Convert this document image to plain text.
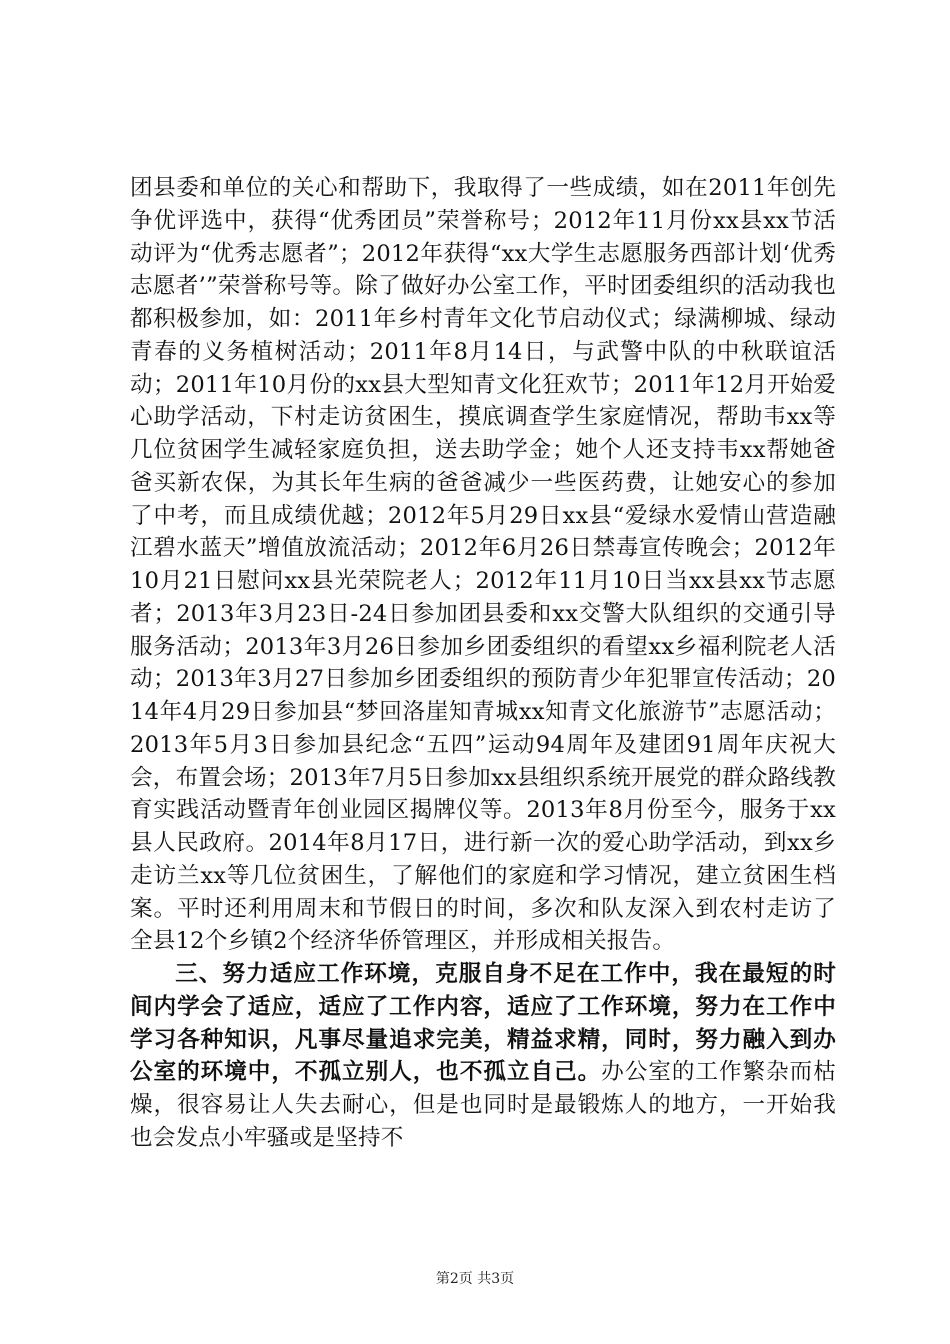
团县委和单位的关心和帮助下，我取得了一些成绩，如在2011年创先争优评选中，获得“优秀团员”荣誉称号；2012年11月份xx县xx节活动评为“优秀志愿者”；2012年获得“xx大学生志愿服务西部计划‘优秀志愿者’”荣誉称号等。除了做好办公室工作，平时团委组织的活动我也都积极参加，如：2011年乡村青年文化节启动仪式；绿满柳城、绿动青春的义务植树活动；2011年8月14日，与武警中队的中秋联谊活动；2011年10月份的xx县大型知青文化狂欢节；2011年12月开始爱心助学活动，下村走访贫困生，摸底调查学生家庭情况，帮助韦xx等几位贫困学生减轻家庭负担，送去助学金；她个人还支持韦xx帮她爸爸买新农保，为其长年生病的爸爸减少一些医药费，让她安心的参加了中考，而且成绩优越；2012年5月29日xx县“爱绿水爱情山营造融江碧水蓝天”增值放流活动；2012年6月26日禁毒宣传晚会；2012年10月21日慰问xx县光荣院老人；2012年11月10日当xx县xx节志愿者；2013年3月23日-24日参加团县委和xx交警大队组织的交通引导服务活动；2013年3月26日参加乡团委组织的看望xx乡福利院老人活动；2013年3月27日参加乡团委组织的预防青少年犯罪宣传活动；2014年4月29日参加县“梦回洛崖知青城xx知青文化旅游节”志愿活动；2013年5月3日参加县纪念“五四”运动94周年及建团91周年庆祝大会，布置会场；2013年7月5日参加xx县组织系统开展党的群众路线教育实践活动暨青年创业园区揭牌仪等。2013年8月份至今，服务于xx县人民政府。2014年8月17日，进行新一次的爱心助学活动，到xx乡走访兰xx等几位贫困生，了解他们的家庭和学习情况，建立贫困生档案。平时还利用周末和节假日的时间，多次和队友深入到农村走访了全县12个乡镇2个经济华侨管理区，并形成相关报告。

三、努力适应工作环境，克服自身不足在工作中，我在最短的时间内学会了适应，适应了工作内容，适应了工作环境，努力在工作中学习各种知识，凡事尽量追求完美，精益求精，同时，努力融入到办公室的环境中，不孤立别人，也不孤立自己。办公室的工作繁杂而枯燥，很容易让人失去耐心，但是也同时是最锻炼人的地方，一开始我也会发点小牢骚或是坚持不

第2页 共3页
